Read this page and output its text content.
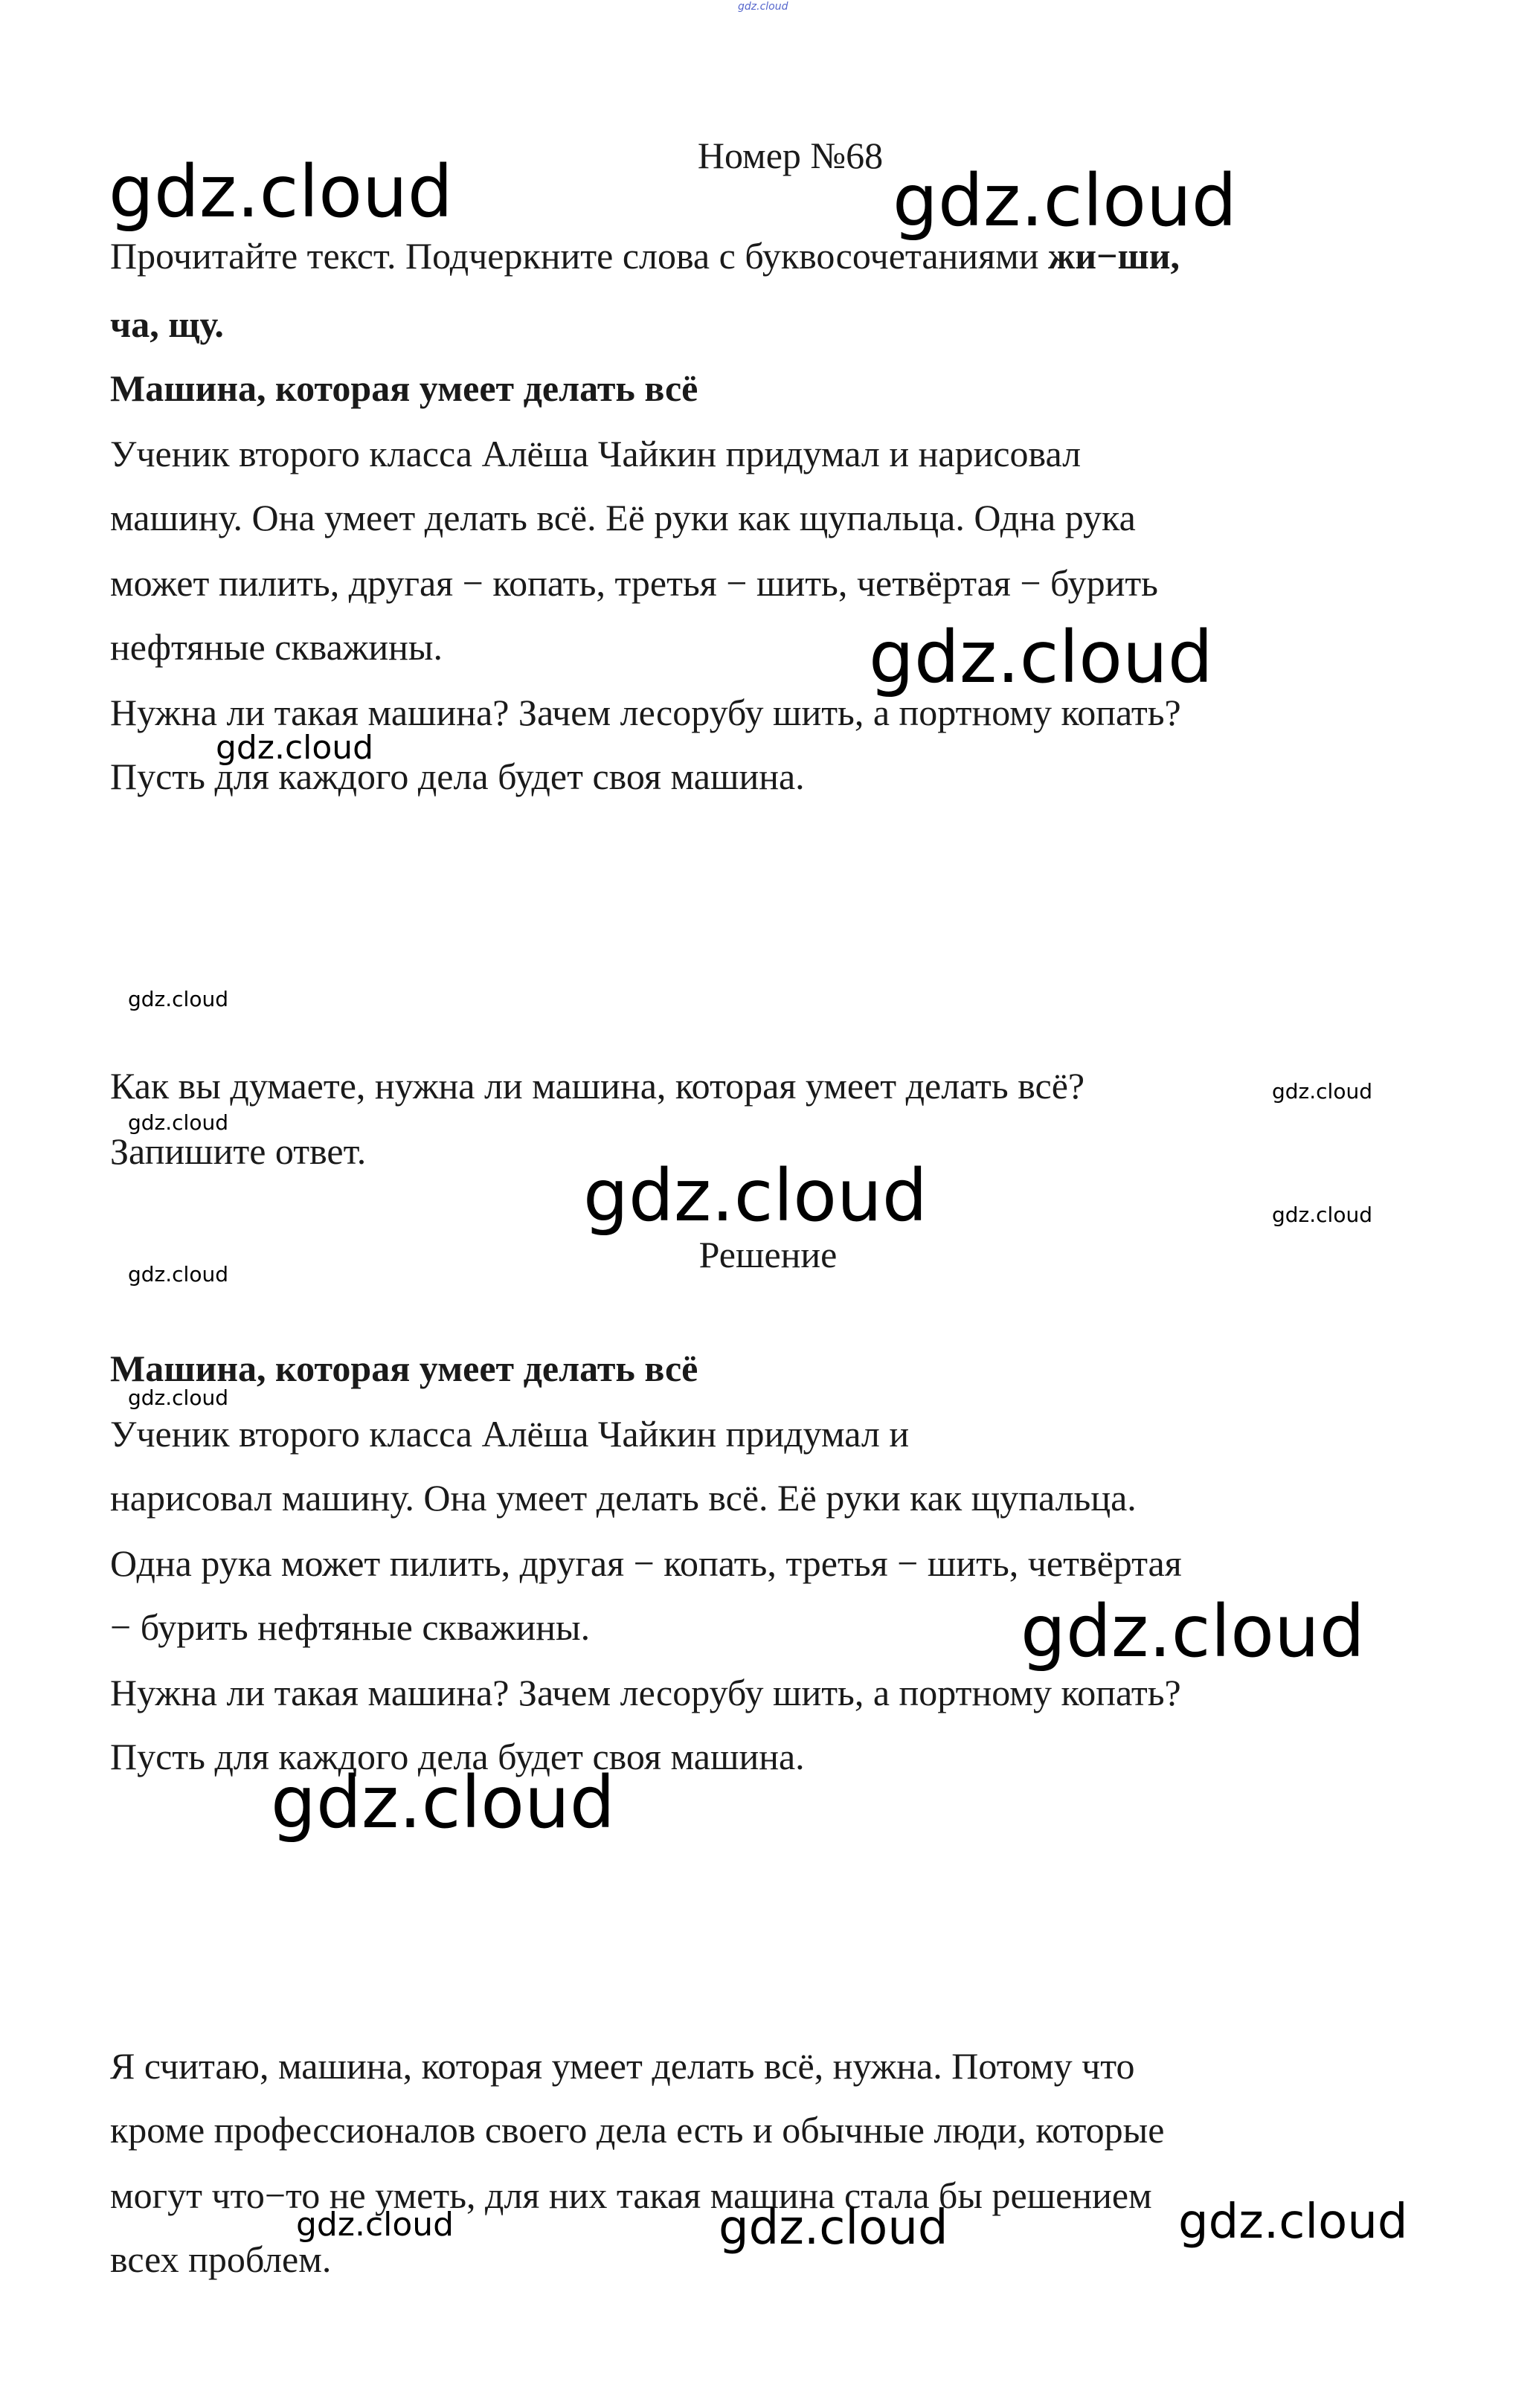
Номер №68

Прочитайте текст. Подчеркните слова с буквосочетаниями жи−ши,

ча, щу.

Машина, которая умеет делать всё

Ученик второго класса Алёша Чайкин придумал и нарисовал

машину. Она умеет делать всё. Её руки как щупальца. Одна рука

может пилить, другая − копать, третья − шить, четвёртая − бурить

нефтяные скважины.

Нужна ли такая машина? Зачем лесорубу шить, а портному копать?

Пусть для каждого дела будет своя машина.

Как вы думаете, нужна ли машина, которая умеет делать всё?

Запишите ответ.

Решение

Машина, которая умеет делать всё

Ученик второго класса Алёша Чайкин придумал и

нарисовал машину. Она умеет делать всё. Её руки как щупальца.

Одна рука может пилить, другая − копать, третья − шить, четвёртая

− бурить нефтяные скважины.

Нужна ли такая машина? Зачем лесорубу шить, а портному копать?

Пусть для каждого дела будет своя машина.

Я считаю, машина, которая умеет делать всё, нужна. Потому что

кроме профессионалов своего дела есть и обычные люди, которые

могут что−то не уметь, для них такая машина стала бы решением

всех проблем.

gdz.cloud
gdz.cloud	gdz.cloud
gdz.cloud
gdz.cloud
gdz.cloud
gdz.cloud
gdz.cloud
gdz.cloud	gdz.cloud
gdz.cloud
gdz.cloud
gdz.cloud
gdz.cloud
gdz.cloud	gdz.cloud	gdz.cloud
